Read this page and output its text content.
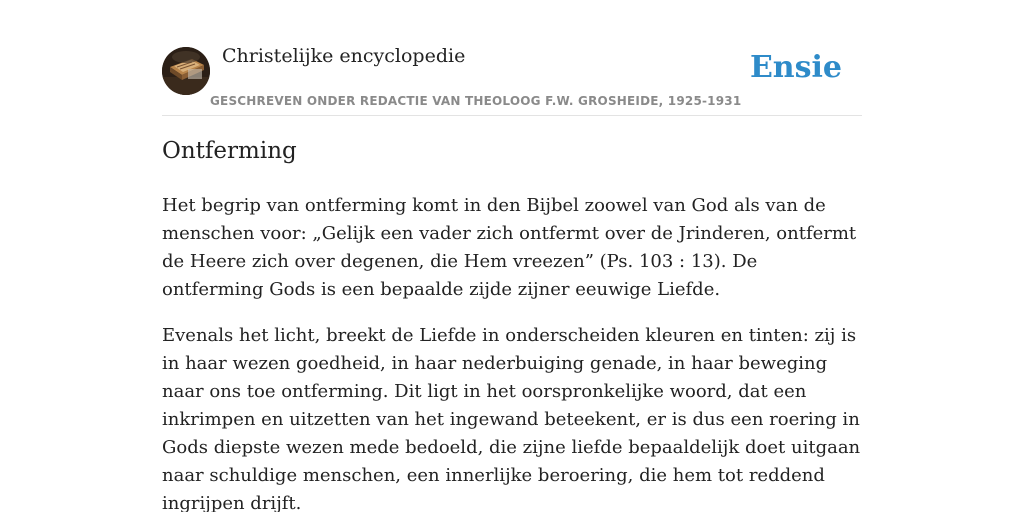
Christelijke encyclopedie
GESCHREVEN ONDER REDACTIE VAN THEOLOOG F.W. GROSHEIDE, 1925-1931
Ensie
Ontferming

Het begrip van ontferming komt in den Bijbel zoowel van God als van de menschen voor: „Gelijk een vader zich ontfermt over de Jrinderen, ontfermt de Heere zich over degenen, die Hem vreezen” (Ps. 103 : 13). De ontferming Gods is een bepaalde zijde zijner eeuwige Liefde.

Evenals het licht, breekt de Liefde in onderscheiden kleuren en tinten: zij is in haar wezen goedheid, in haar nederbuiging genade, in haar beweging naar ons toe ontferming. Dit ligt in het oorspronkelijke woord, dat een inkrimpen en uitzetten van het ingewand beteekent, er is dus een roering in Gods diepste wezen mede bedoeld, die zijne liefde bepaaldelijk doet uitgaan naar schuldige menschen, een innerlijke beroering, die hem tot reddend ingrijpen drijft.
